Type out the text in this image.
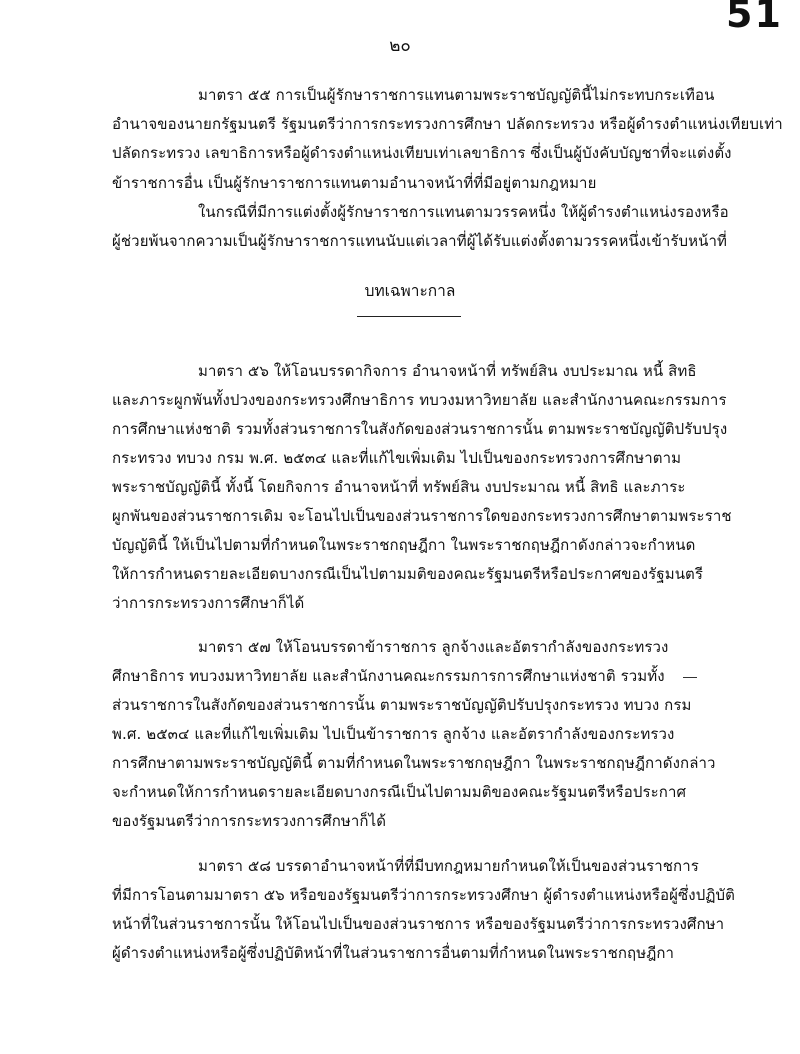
51
๒๐
มาตรา ๕๕ การเป็นผู้รักษาราชการแทนตามพระราชบัญญัตินี้ไม่กระทบกระเทือน
อำนาจของนายกรัฐมนตรี รัฐมนตรีว่าการกระทรวงการศึกษา ปลัดกระทรวง หรือผู้ดำรงตำแหน่งเทียบเท่า
ปลัดกระทรวง เลขาธิการหรือผู้ดำรงตำแหน่งเทียบเท่าเลขาธิการ ซึ่งเป็นผู้บังคับบัญชาที่จะแต่งตั้ง
ข้าราชการอื่น เป็นผู้รักษาราชการแทนตามอำนาจหน้าที่ที่มีอยู่ตามกฎหมาย
ในกรณีที่มีการแต่งตั้งผู้รักษาราชการแทนตามวรรคหนึ่ง ให้ผู้ดำรงตำแหน่งรองหรือ
ผู้ช่วยพ้นจากความเป็นผู้รักษาราชการแทนนับแต่เวลาที่ผู้ได้รับแต่งตั้งตามวรรคหนึ่งเข้ารับหน้าที่
บทเฉพาะกาล
มาตรา ๕๖ ให้โอนบรรดากิจการ อำนาจหน้าที่ ทรัพย์สิน งบประมาณ หนี้ สิทธิ
และภาระผูกพันทั้งปวงของกระทรวงศึกษาธิการ ทบวงมหาวิทยาลัย และสำนักงานคณะกรรมการ
การศึกษาแห่งชาติ รวมทั้งส่วนราชการในสังกัดของส่วนราชการนั้น ตามพระราชบัญญัติปรับปรุง
กระทรวง ทบวง กรม พ.ศ. ๒๕๓๔ และที่แก้ไขเพิ่มเติม ไปเป็นของกระทรวงการศึกษาตาม
พระราชบัญญัตินี้ ทั้งนี้ โดยกิจการ อำนาจหน้าที่ ทรัพย์สิน งบประมาณ หนี้ สิทธิ และภาระ
ผูกพันของส่วนราชการเดิม จะโอนไปเป็นของส่วนราชการใดของกระทรวงการศึกษาตามพระราช
บัญญัตินี้ ให้เป็นไปตามที่กำหนดในพระราชกฤษฎีกา ในพระราชกฤษฎีกาดังกล่าวจะกำหนด
ให้การกำหนดรายละเอียดบางกรณีเป็นไปตามมติของคณะรัฐมนตรีหรือประกาศของรัฐมนตรี
ว่าการกระทรวงการศึกษาก็ได้
มาตรา ๕๗ ให้โอนบรรดาข้าราชการ ลูกจ้างและอัตรากำลังของกระทรวง
ศึกษาธิการ ทบวงมหาวิทยาลัย และสำนักงานคณะกรรมการการศึกษาแห่งชาติ รวมทั้ง
ส่วนราชการในสังกัดของส่วนราชการนั้น ตามพระราชบัญญัติปรับปรุงกระทรวง ทบวง กรม
พ.ศ. ๒๕๓๔ และที่แก้ไขเพิ่มเติม ไปเป็นข้าราชการ ลูกจ้าง และอัตรากำลังของกระทรวง
การศึกษาตามพระราชบัญญัตินี้ ตามที่กำหนดในพระราชกฤษฎีกา ในพระราชกฤษฎีกาดังกล่าว
จะกำหนดให้การกำหนดรายละเอียดบางกรณีเป็นไปตามมติของคณะรัฐมนตรีหรือประกาศ
ของรัฐมนตรีว่าการกระทรวงการศึกษาก็ได้
มาตรา ๕๘ บรรดาอำนาจหน้าที่ที่มีบทกฎหมายกำหนดให้เป็นของส่วนราชการ
ที่มีการโอนตามมาตรา ๕๖ หรือของรัฐมนตรีว่าการกระทรวงศึกษา ผู้ดำรงตำแหน่งหรือผู้ซึ่งปฏิบัติ
หน้าที่ในส่วนราชการนั้น ให้โอนไปเป็นของส่วนราชการ หรือของรัฐมนตรีว่าการกระทรวงศึกษา
ผู้ดำรงตำแหน่งหรือผู้ซึ่งปฏิบัติหน้าที่ในส่วนราชการอื่นตามที่กำหนดในพระราชกฤษฎีกา
